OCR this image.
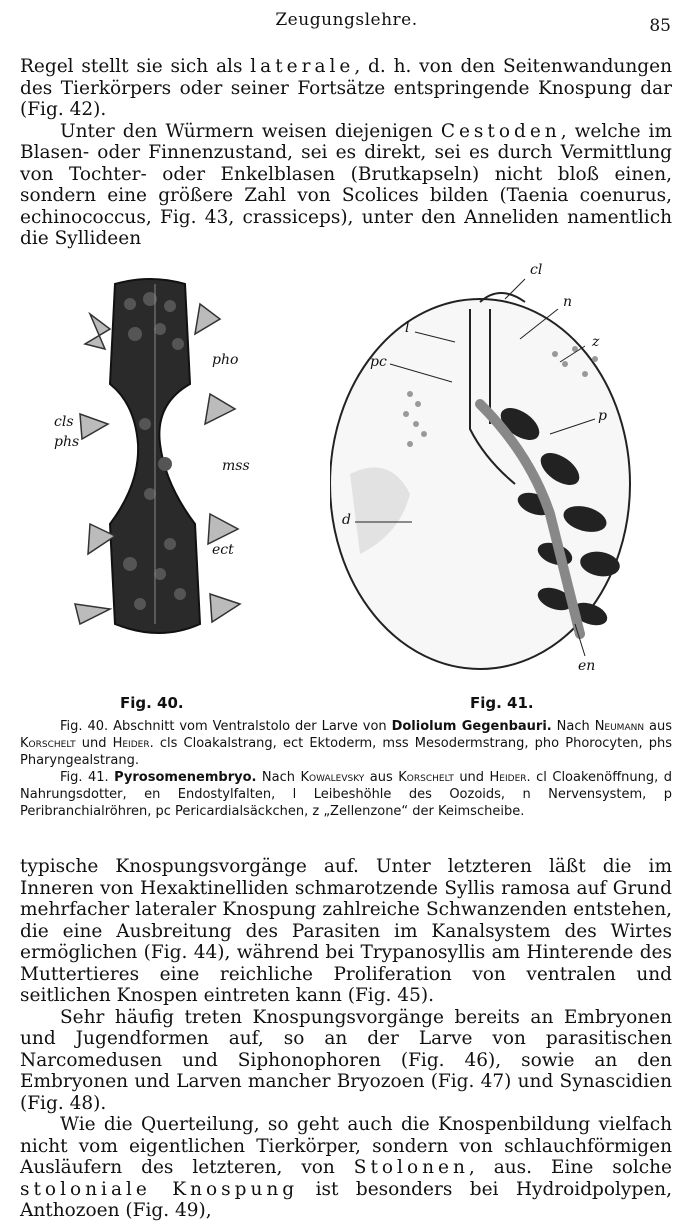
Zeugungslehre.	85

Regel stellt sie sich als laterale, d. h. von den Seitenwandungen des Tierkörpers oder seiner Fortsätze entspringende Knospung dar (Fig. 42).

Unter den Würmern weisen diejenigen Cestoden, welche im Blasen- oder Finnenzustand, sei es direkt, sei es durch Vermittlung von Tochter- oder Enkelblasen (Brutkapseln) nicht bloß einen, sondern eine größere Zahl von Scolices bilden (Taenia coenurus, echinococcus, Fig. 43, crassiceps), unter den Anneliden namentlich die Syllideen

pho
cls
phs
mss
ect
cl
n
l
z
pc
p
d
en
Fig. 40.	Fig. 41.

Fig. 40. Abschnitt vom Ventralstolo der Larve von Doliolum Gegenbauri. Nach Neumann aus Korschelt und Heider. cls Cloakalstrang, ect Ektoderm, mss Mesodermstrang, pho Phorocyten, phs Pharyngealstrang.

Fig. 41. Pyrosomenembryo. Nach Kowalevsky aus Korschelt und Heider. cl Cloakenöffnung, d Nahrungsdotter, en Endostylfalten, l Leibeshöhle des Oozoids, n Nervensystem, p Peribranchialröhren, pc Pericardialsäckchen, z „Zellenzone“ der Keimscheibe.

typische Knospungsvorgänge auf. Unter letzteren läßt die im Inneren von Hexaktinelliden schmarotzende Syllis ramosa auf Grund mehrfacher lateraler Knospung zahlreiche Schwanzenden entstehen, die eine Ausbreitung des Parasiten im Kanalsystem des Wirtes ermöglichen (Fig. 44), während bei Trypanosyllis am Hinterende des Muttertieres eine reichliche Proliferation von ventralen und seitlichen Knospen eintreten kann (Fig. 45).

Sehr häufig treten Knospungsvorgänge bereits an Embryonen und Jugendformen auf, so an der Larve von parasitischen Narcomedusen und Siphonophoren (Fig. 46), sowie an den Embryonen und Larven mancher Bryozoen (Fig. 47) und Synascidien (Fig. 48).

Wie die Querteilung, so geht auch die Knospenbildung vielfach nicht vom eigentlichen Tierkörper, sondern von schlauchförmigen Ausläufern des letzteren, von Stolonen, aus. Eine solche stoloniale Knospung ist besonders bei Hydroidpolypen, Anthozoen (Fig. 49),
